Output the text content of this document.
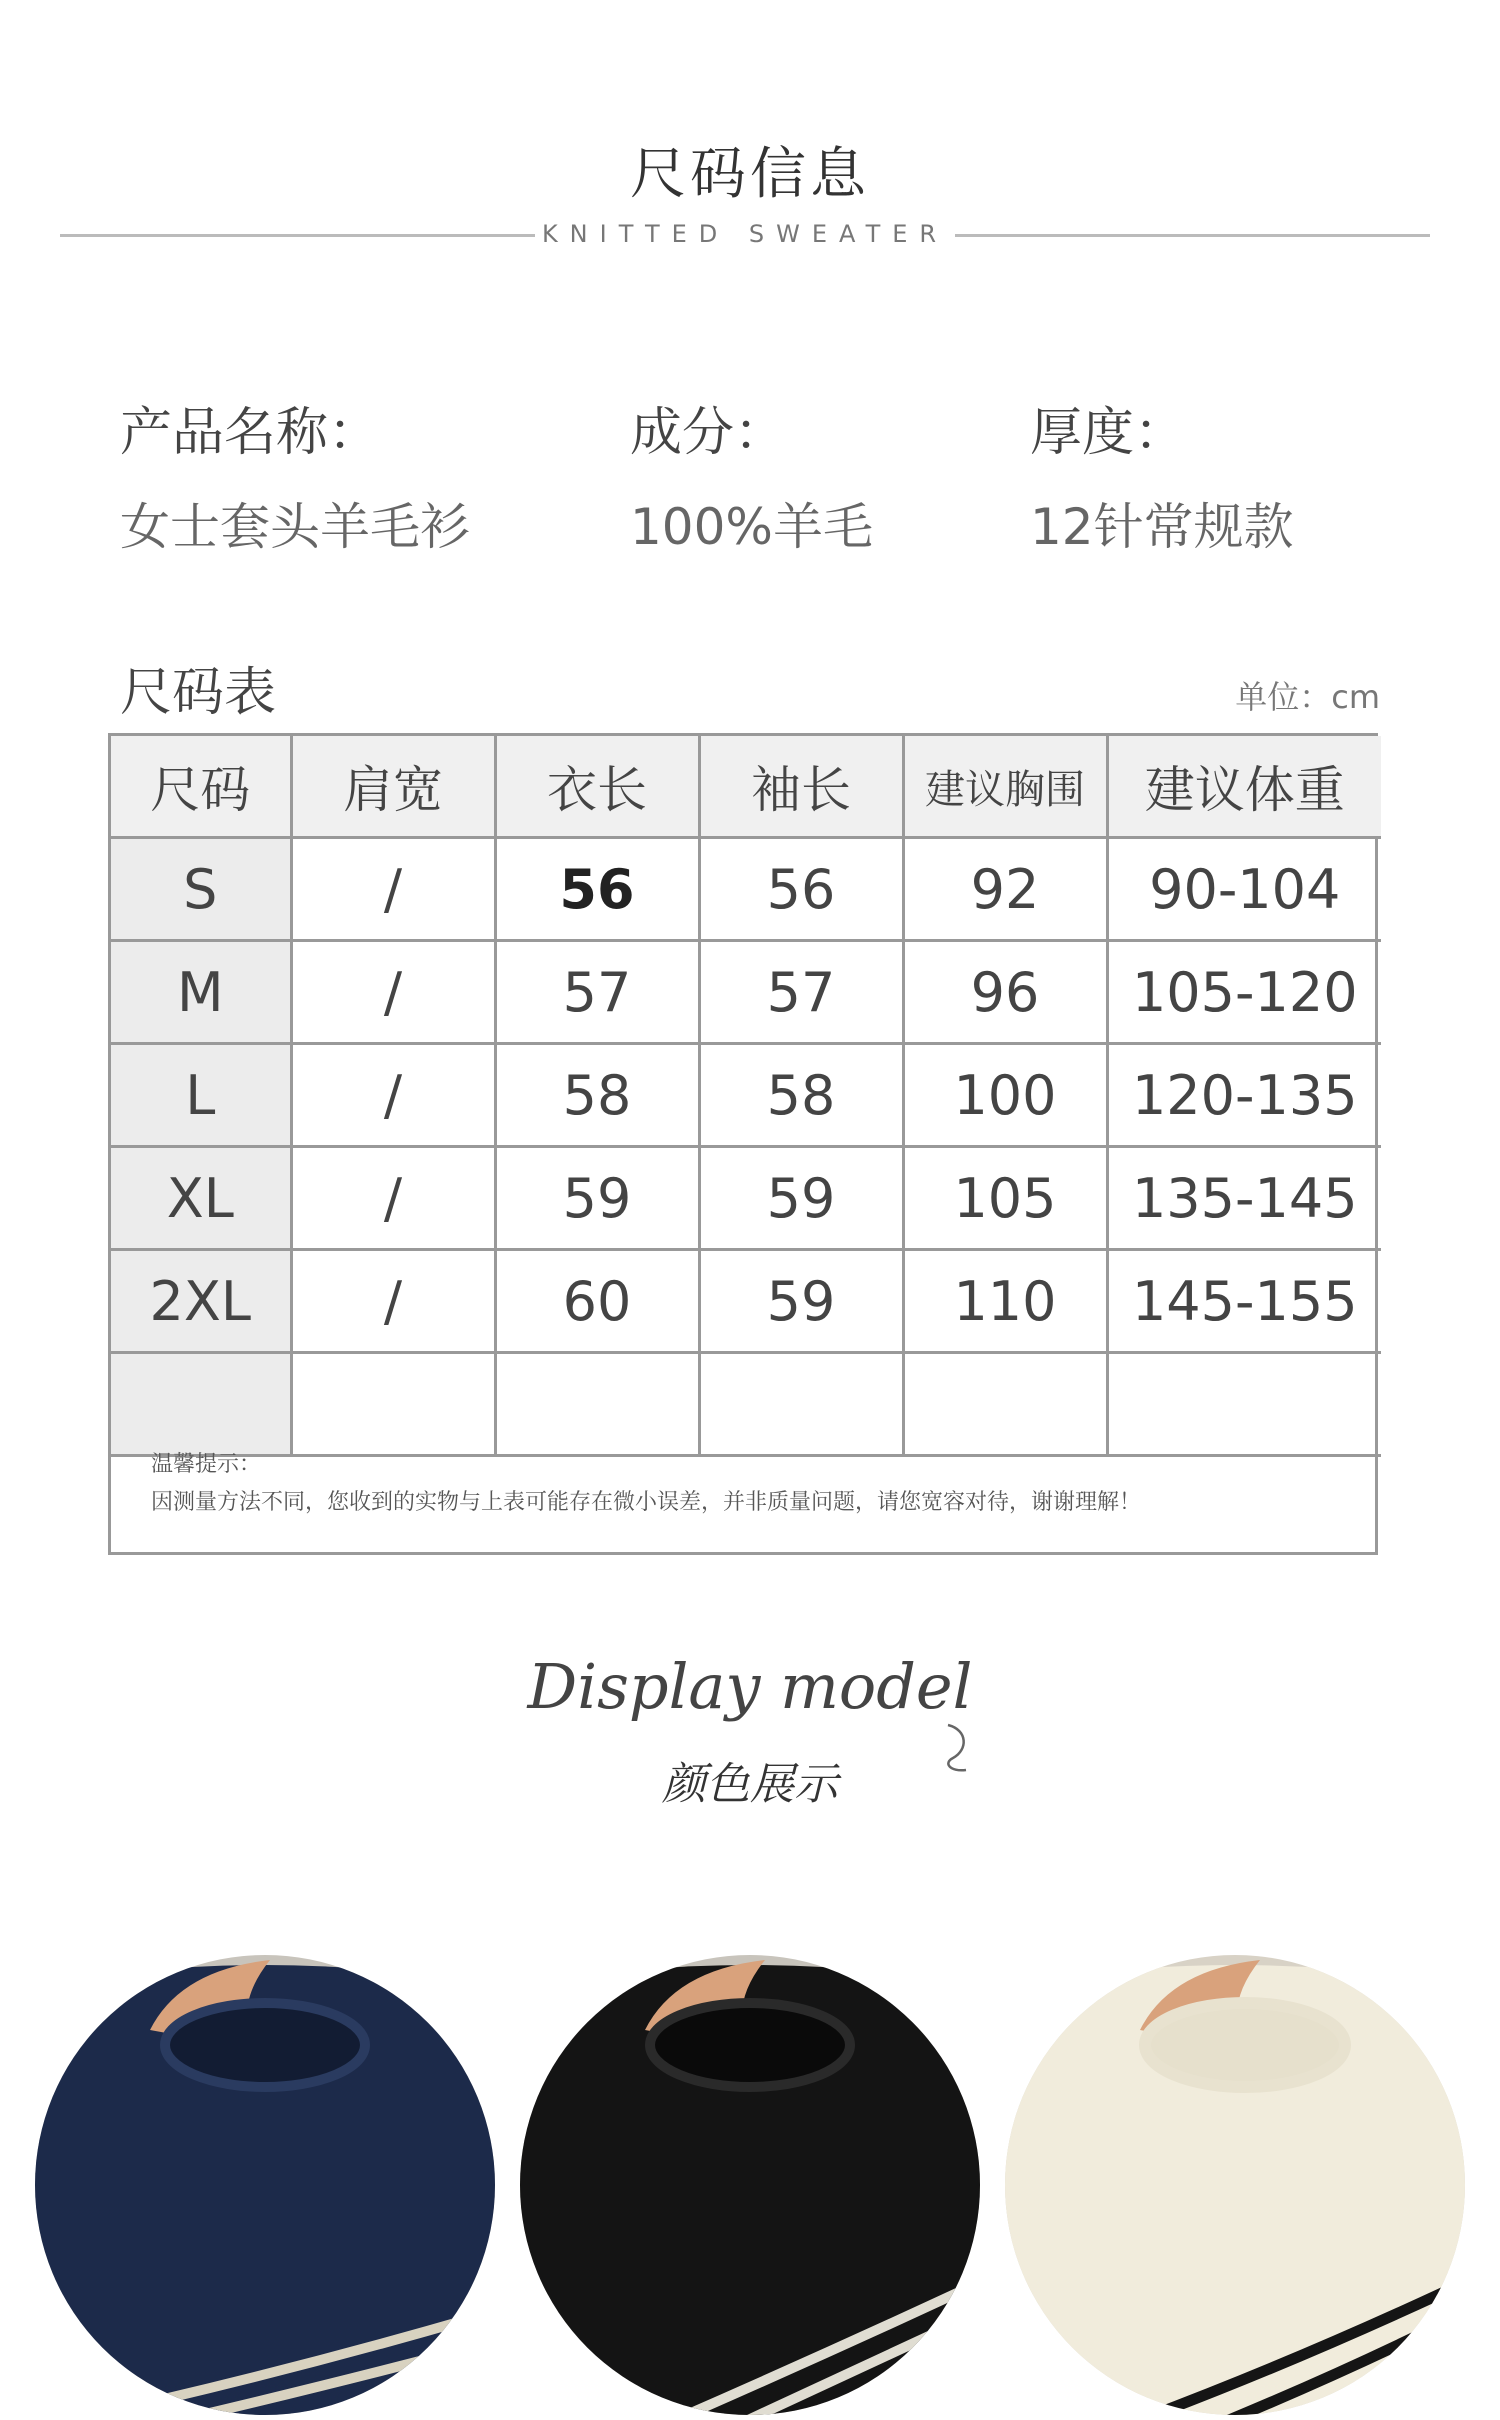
尺码信息
KNITTED SWEATER
产品名称：
女士套头羊毛衫
成分：
100%羊毛
厚度：
12针常规款
尺码表	单位：cm
尺码	肩宽	衣长	袖长	建议胸围	建议体重
S	/	56	56	92	90-104
M	/	57	57	96	105-120
L	/	58	58	100	120-135
XL	/	59	59	105	135-145
2XL	/	60	59	110	145-155

温馨提示：
因测量方法不同，您收到的实物与上表可能存在微小误差，并非质量问题，请您宽容对待，谢谢理解！
Display model
颜色展示
